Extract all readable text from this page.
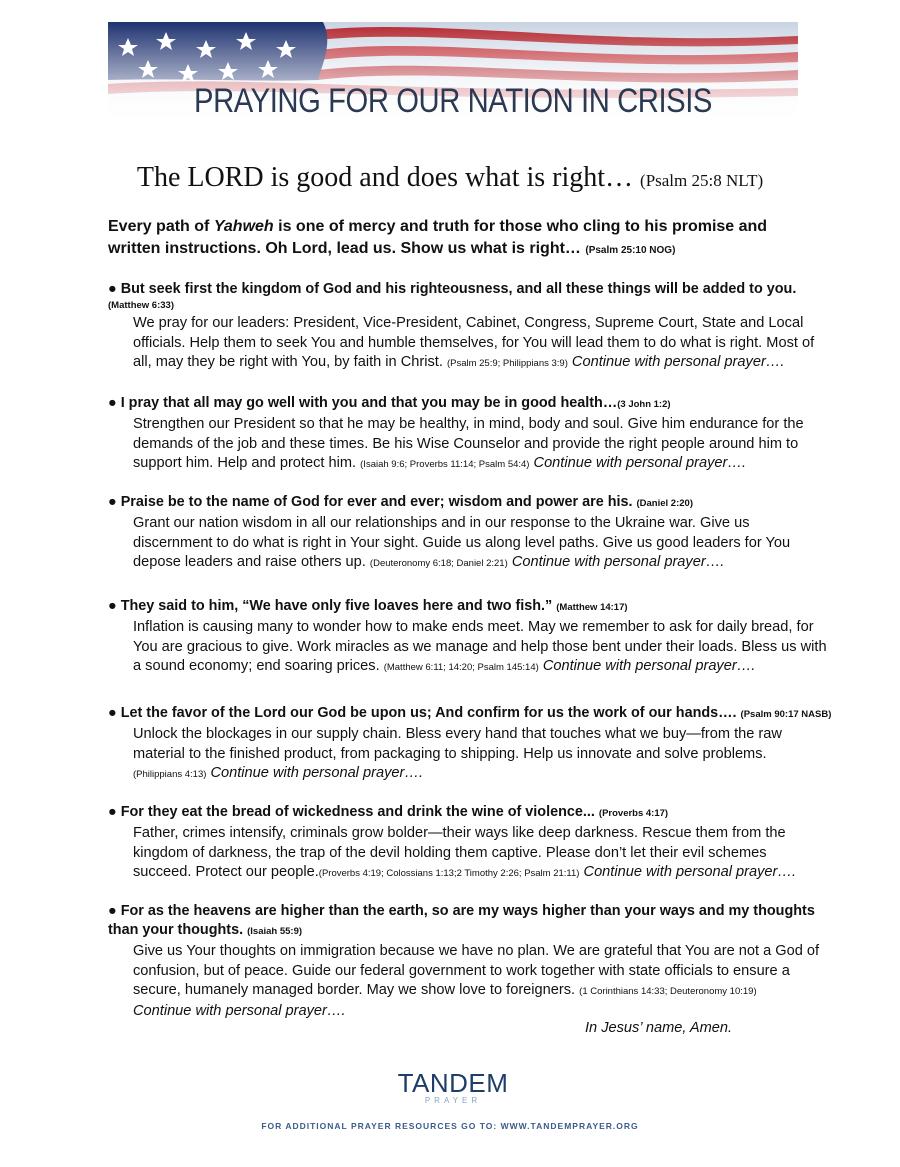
PRAYING FOR OUR NATION IN CRISIS
The LORD is good and does what is right… (Psalm 25:8 NLT)
Every path of Yahweh is one of mercy and truth for those who cling to his promise and written instructions. Oh Lord, lead us. Show us what is right… (Psalm 25:10 NOG)
● But seek first the kingdom of God and his righteousness, and all these things will be added to you.
(Matthew 6:33)
We pray for our leaders: President, Vice-President, Cabinet, Congress, Supreme Court, State and Local officials. Help them to seek You and humble themselves, for You will lead them to do what is right. Most of all, may they be right with You, by faith in Christ. (Psalm 25:9; Philippians 3:9) Continue with personal prayer….
● I pray that all may go well with you and that you may be in good health…(3 John 1:2)
Strengthen our President so that he may be healthy, in mind, body and soul. Give him endurance for the demands of the job and these times. Be his Wise Counselor and provide the right people around him to support him. Help and protect him. (Isaiah 9:6; Proverbs 11:14; Psalm 54:4) Continue with personal prayer….
● Praise be to the name of God for ever and ever; wisdom and power are his. (Daniel 2:20)
Grant our nation wisdom in all our relationships and in our response to the Ukraine war. Give us discernment to do what is right in Your sight. Guide us along level paths. Give us good leaders for You depose leaders and raise others up. (Deuteronomy 6:18; Daniel 2:21) Continue with personal prayer….
● They said to him, “We have only five loaves here and two fish.” (Matthew 14:17)
Inflation is causing many to wonder how to make ends meet. May we remember to ask for daily bread, for You are gracious to give. Work miracles as we manage and help those bent under their loads. Bless us with a sound economy; end soaring prices. (Matthew 6:11; 14:20; Psalm 145:14) Continue with personal prayer….
● Let the favor of the Lord our God be upon us; And confirm for us the work of our hands…. (Psalm 90:17 NASB)
Unlock the blockages in our supply chain. Bless every hand that touches what we buy—from the raw material to the finished product, from packaging to shipping. Help us innovate and solve problems.
(Philippians 4:13) Continue with personal prayer….
● For they eat the bread of wickedness and drink the wine of violence... (Proverbs 4:17)
Father, crimes intensify, criminals grow bolder—their ways like deep darkness. Rescue them from the kingdom of darkness, the trap of the devil holding them captive. Please don’t let their evil schemes succeed. Protect our people.(Proverbs 4:19; Colossians 1:13;2 Timothy 2:26; Psalm 21:11) Continue with personal prayer….
● For as the heavens are higher than the earth, so are my ways higher than your ways and my thoughts than your thoughts. (Isaiah 55:9)
Give us Your thoughts on immigration because we have no plan. We are grateful that You are not a God of confusion, but of peace. Guide our federal government to work together with state officials to ensure a secure, humanely managed border. May we show love to foreigners. (1 Corinthians 14:33; Deuteronomy 10:19)
Continue with personal prayer….
In Jesus’ name, Amen.
TANDEM
PRAYER
FOR ADDITIONAL PRAYER RESOURCES GO TO: WWW.TANDEMPRAYER.ORG
